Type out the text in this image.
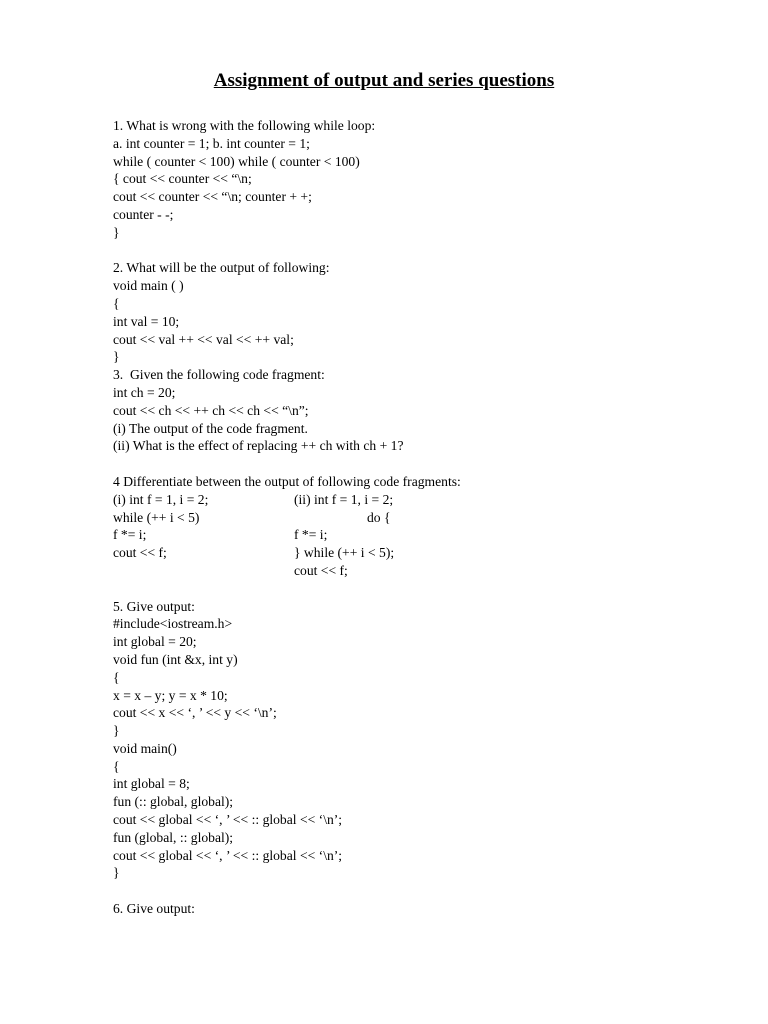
Assignment of output and series questions
1. What is wrong with the following while loop:
a. int counter = 1; b. int counter = 1;
while ( counter < 100) while ( counter < 100)
{ cout << counter << “\n;
cout << counter << “\n; counter + +;
counter - -;
}
2. What will be the output of following:
void main ( )
{
int val = 10;
cout << val ++ << val << ++ val;
}
3.  Given the following code fragment:
int ch = 20;
cout << ch << ++ ch << ch << “\n”;
(i) The output of the code fragment.
(ii) What is the effect of replacing ++ ch with ch + 1?
4 Differentiate between the output of following code fragments:
(i) int f = 1, i = 2;
while (++ i < 5)
f *= i;
cout << f;
(ii) int f = 1, i = 2;
do {
f *= i;
} while (++ i < 5);
cout << f;
5. Give output:
#include<iostream.h>
int global = 20;
void fun (int &x, int y)
{
x = x – y; y = x * 10;
cout << x << ‘, ’ << y << ‘\n’;
}
void main()
{
int global = 8;
fun (:: global, global);
cout << global << ‘, ’ << :: global << ‘\n’;
fun (global, :: global);
cout << global << ‘, ’ << :: global << ‘\n’;
}
6. Give output:
